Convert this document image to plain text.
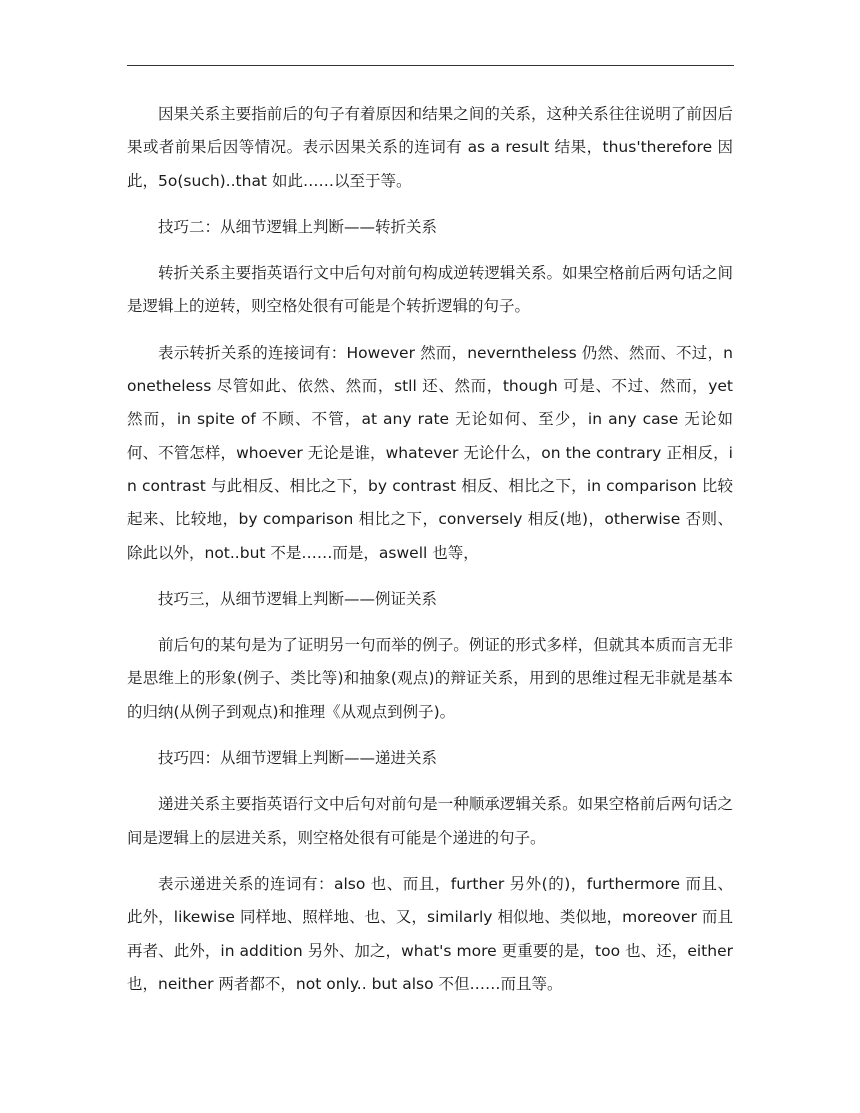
因果关系主要指前后的句子有着原因和结果之间的关系，这种关系往往说明了前因后果或者前果后因等情况。表示因果关系的连词有 as a result 结果，thus'therefore 因此，5o(such)..that 如此……以至于等。

技巧二：从细节逻辑上判断——转折关系

转折关系主要指英语行文中后句对前句构成逆转逻辑关系。如果空格前后两句话之间是逻辑上的逆转，则空格处很有可能是个转折逻辑的句子。

表示转折关系的连接词有：However 然而，neverntheless 仍然、然而、不过，nonetheless 尽管如此、依然、然而，stll 还、然而，though 可是、不过、然而，yet 然而，in spite of 不顾、不管，at any rate 无论如何、至少，in any case 无论如何、不管怎样，whoever 无论是谁，whatever 无论什么，on the contrary 正相反，in contrast 与此相反、相比之下，by contrast 相反、相比之下，in comparison 比较起来、比较地，by comparison 相比之下，conversely 相反(地)，otherwise 否则、除此以外，not..but 不是……而是，aswell 也等，

技巧三，从细节逻辑上判断——例证关系

前后句的某句是为了证明另一句而举的例子。例证的形式多样，但就其本质而言无非是思维上的形象(例子、类比等)和抽象(观点)的辩证关系，用到的思维过程无非就是基本的归纳(从例子到观点)和推理《从观点到例子)。

技巧四：从细节逻辑上判断——递进关系

递进关系主要指英语行文中后句对前句是一种顺承逻辑关系。如果空格前后两句话之间是逻辑上的层进关系，则空格处很有可能是个递进的句子。

表示递进关系的连词有：also 也、而且，further 另外(的)，furthermore 而且、此外，likewise 同样地、照样地、也、又，similarly 相似地、类似地，moreover 而且再者、此外，in addition 另外、加之，what's more 更重要的是，too 也、还，either 也，neither 两者都不，not only.. but also 不但……而且等。
